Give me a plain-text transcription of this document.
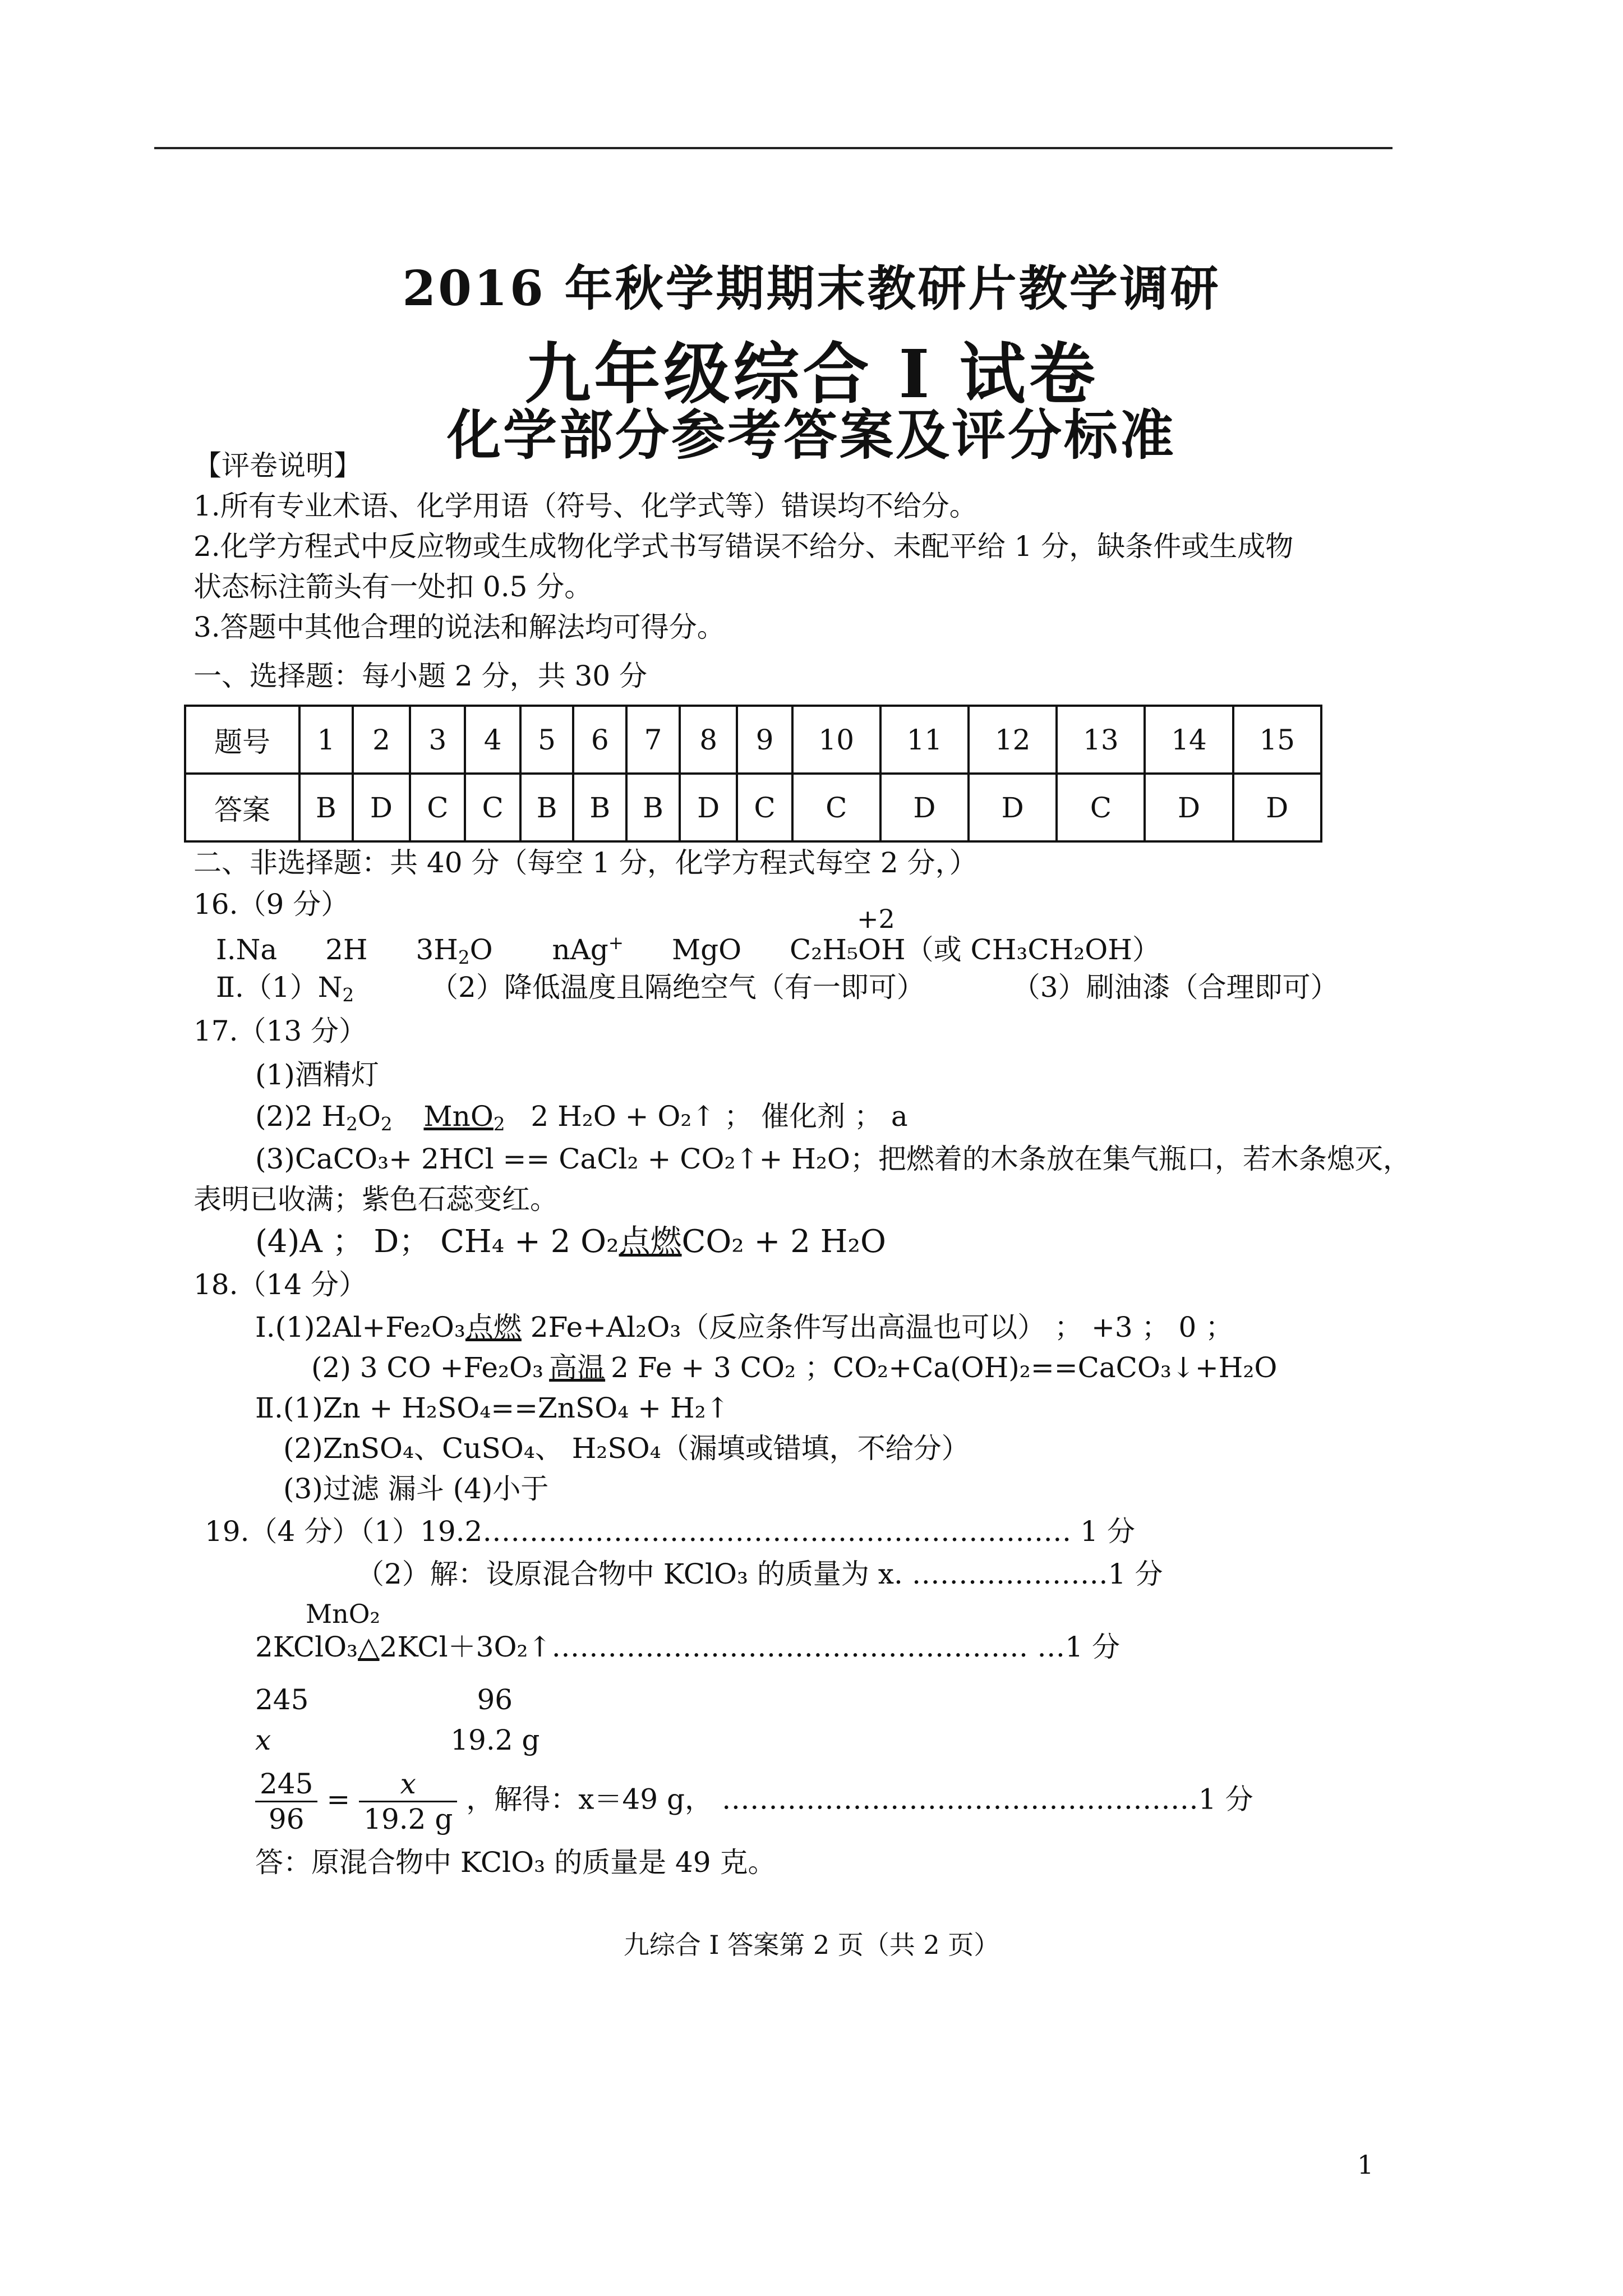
2016 年秋学期期末教研片教学调研
九年级综合 I 试卷
化学部分参考答案及评分标准
【评卷说明】
1.所有专业术语、化学用语（符号、化学式等）错误均不给分。
2.化学方程式中反应物或生成物化学式书写错误不给分、未配平给 1 分，缺条件或生成物
状态标注箭头有一处扣 0.5 分。
3.答题中其他合理的说法和解法均可得分。
一、选择题：每小题 2 分，共 30 分
题号	1	2	3	4	5	6	7	8	9	10	11	12	13	14	15
答案	B	D	C	C	B	B	B	D	C	C	D	D	C	D	D
二、非选择题：共 40 分（每空 1 分，化学方程式每空 2 分，）
16.（9 分）
Ⅰ.Na 2H $3H_2O$ nAg+
+2
MgO C₂H₅OH（或 CH₃CH₂OH）
$Ⅱ.(1)N_2$	（2）降低温度且隔绝空气（有一即可）	（3）刷油漆（合理即可）
17.（13 分）
(1)酒精灯
(2)2 $H_2O_2$ MnO$_2$ 2 H₂O + O₂↑ ； 催化剂 ； a
(3)CaCO₃+ 2HCl == CaCl₂ + CO₂↑+ H₂O；把燃着的木条放在集气瓶口，若木条熄灭，
表明已收满；紫色石蕊变红。
(4)A ； D； CH₄ + 2 O₂点燃CO₂ + 2 H₂O
18.（14 分）
Ⅰ.(1)2Al+Fe₂O₃点燃 2Fe+Al₂O₃（反应条件写出高温也可以） ； +3 ； 0 ；
(2) 3 CO +Fe₂O₃ 高温 2 Fe + 3 CO₂ ；CO₂+Ca(OH)₂==CaCO₃↓+H₂O
Ⅱ.(1)Zn + H₂SO₄==ZnSO₄ + H₂↑
(2)ZnSO₄、CuSO₄、 H₂SO₄（漏填或错填，不给分）
(3)过滤 漏斗 (4)小于
19.（4 分）（1）19.2……………………………………………………… 1 分
（2）解：设原混合物中 KClO₃ 的质量为 x. …………………1 分
MnO₂
2KClO₃△2KCl＋3O₂↑…………………………………………… …1 分
245	96
x	19.2 g
$\frac{245}{96} = \frac{x}{19.2 g}$ ，解得：x＝49 g， ……………………………………………1 分
答：原混合物中 KClO₃ 的质量是 49 克。
九综合 I 答案第 2 页（共 2 页）
1
